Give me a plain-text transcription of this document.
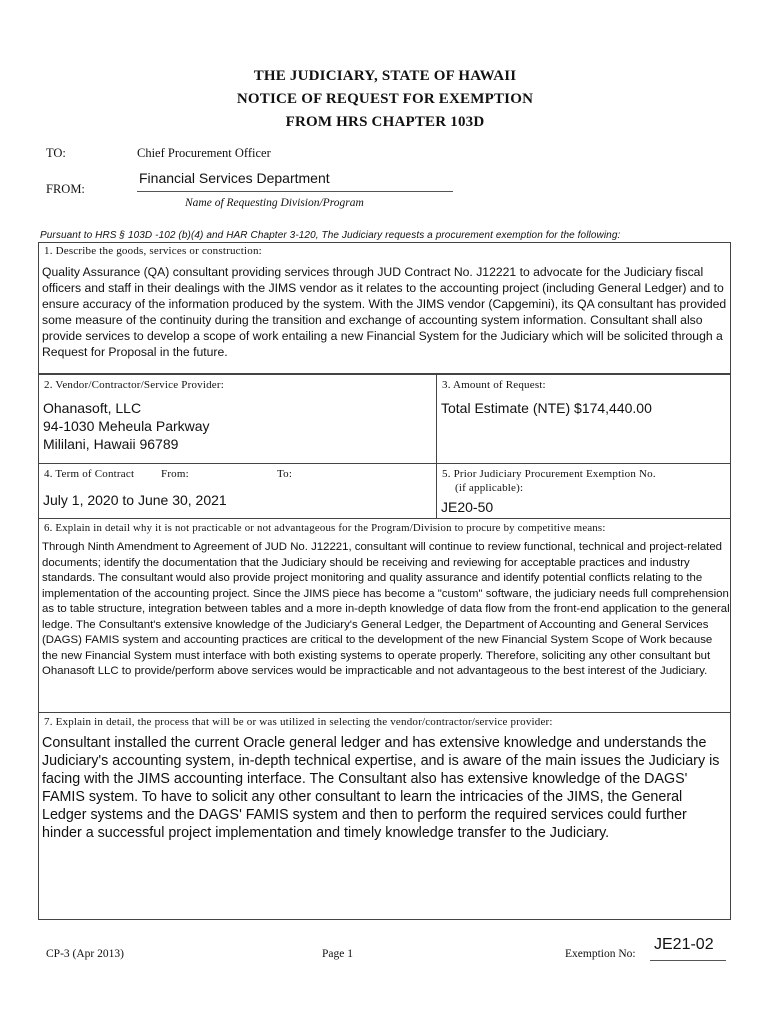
THE JUDICIARY, STATE OF HAWAII
NOTICE OF REQUEST FOR EXEMPTION
FROM HRS CHAPTER 103D
TO:	Chief Procurement Officer
FROM:
Financial Services Department
Name of Requesting Division/Program
Pursuant to HRS § 103D -102 (b)(4) and HAR Chapter 3-120, The Judiciary requests a procurement exemption for the following:
1. Describe the goods, services or construction:
Quality Assurance (QA) consultant providing services through JUD Contract No. J12221 to advocate for the Judiciary fiscal officers and staff in their dealings with the JIMS vendor as it relates to the accounting project (including General Ledger) and to ensure accuracy of the information produced by the system. With the JIMS vendor (Capgemini), its QA consultant has provided some measure of the continuity during the transition and exchange of accounting system information. Consultant shall also provide services to develop a scope of work entailing a new Financial System for the Judiciary which will be solicited through a Request for Proposal in the future.
2. Vendor/Contractor/Service Provider:
Ohanasoft, LLC
94-1030 Meheula Parkway
Mililani, Hawaii 96789
3. Amount of Request:
Total Estimate (NTE) $174,440.00
4. Term of Contract From:	To:
July 1, 2020 to June 30, 2021
5. Prior Judiciary Procurement Exemption No.
(if applicable):
JE20-50
6. Explain in detail why it is not practicable or not advantageous for the Program/Division to procure by competitive means:
Through Ninth Amendment to Agreement of JUD No. J12221, consultant will continue to review functional, technical and project-related documents; identify the documentation that the Judiciary should be receiving and reviewing for acceptable practices and industry standards. The consultant would also provide project monitoring and quality assurance and identify potential conflicts relating to the implementation of the accounting project. Since the JIMS piece has become a "custom" software, the judiciary needs full comprehension as to table structure, integration between tables and a more in-depth knowledge of data flow from the front-end application to the general ledge. The Consultant's extensive knowledge of the Judiciary's General Ledger, the Department of Accounting and General Services (DAGS) FAMIS system and accounting practices are critical to the development of the new Financial System Scope of Work because the new Financial System must interface with both existing systems to operate properly. Therefore, soliciting any other consultant but Ohanasoft LLC to provide/perform above services would be impracticable and not advantageous to the best interest of the Judiciary.
7. Explain in detail, the process that will be or was utilized in selecting the vendor/contractor/service provider:
Consultant installed the current Oracle general ledger and has extensive knowledge and understands the Judiciary's accounting system, in-depth technical expertise, and is aware of the main issues the Judiciary is facing with the JIMS accounting interface. The Consultant also has extensive knowledge of the DAGS' FAMIS system. To have to solicit any other consultant to learn the intricacies of the JIMS, the General Ledger systems and the DAGS' FAMIS system and then to perform the required services could further hinder a successful project implementation and timely knowledge transfer to the Judiciary.
CP-3 (Apr 2013)	Page 1	Exemption No:
JE21-02
